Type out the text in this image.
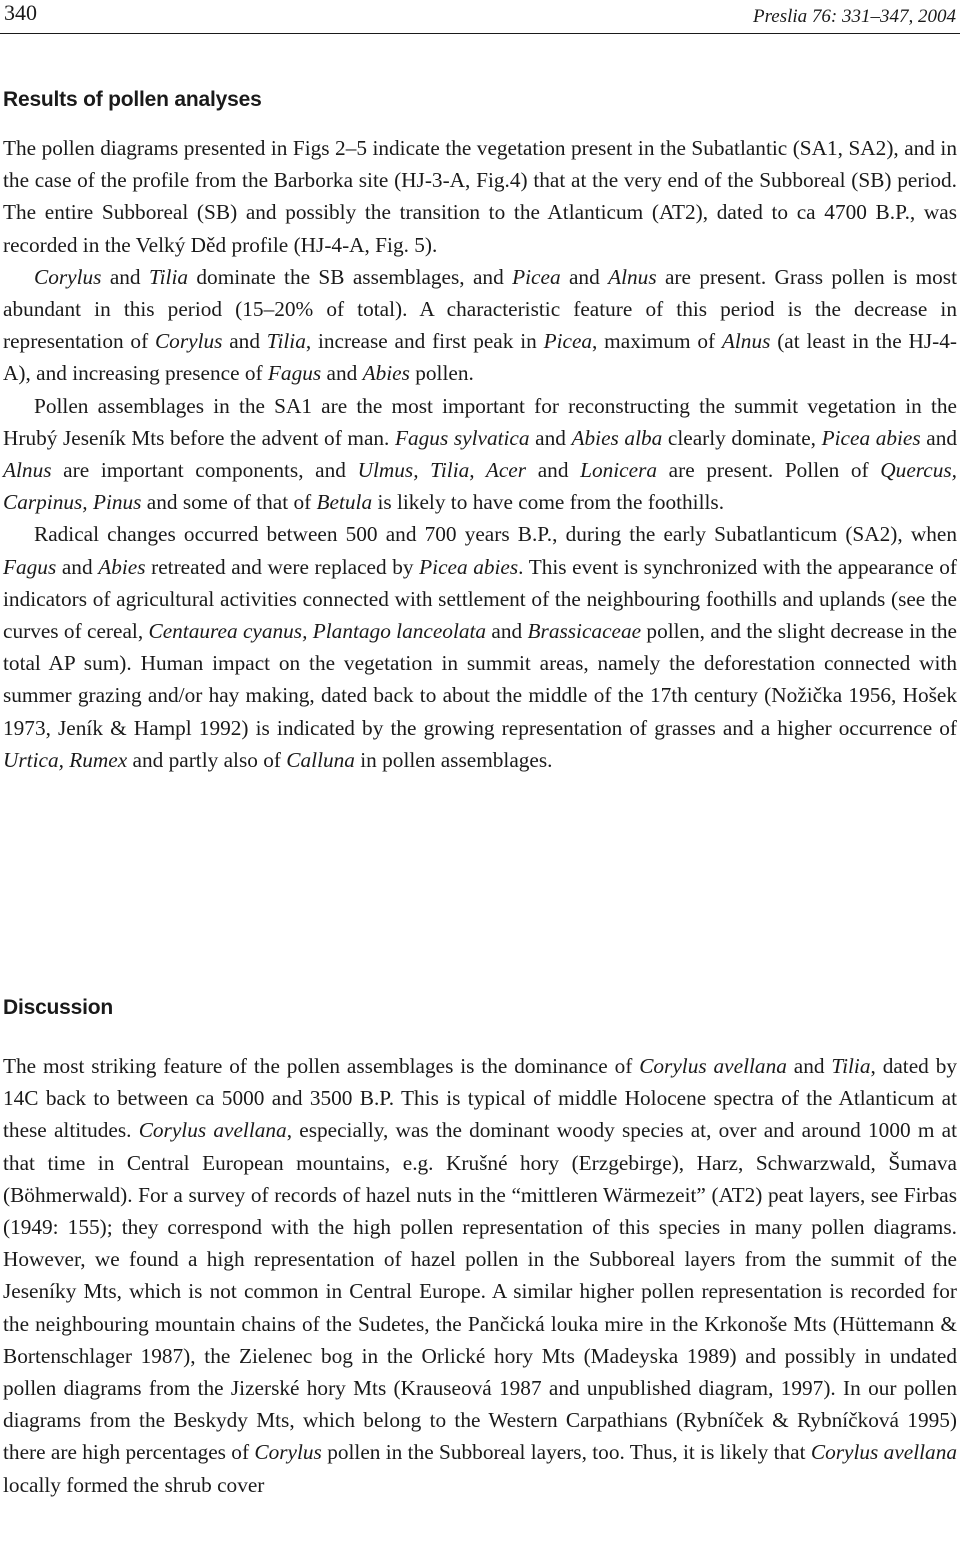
340	Preslia 76: 331–347, 2004
Results of pollen analyses

The pollen diagrams presented in Figs 2–5 indicate the vegetation present in the Subatlantic (SA1, SA2), and in the case of the profile from the Barborka site (HJ-3-A, Fig.4) that at the very end of the Subboreal (SB) period. The entire Subboreal (SB) and possibly the transition to the Atlanticum (AT2), dated to ca 4700 B.P., was recorded in the Velký Děd profile (HJ-4-A, Fig. 5).

Corylus and Tilia dominate the SB assemblages, and Picea and Alnus are present. Grass pollen is most abundant in this period (15–20% of total). A characteristic feature of this period is the decrease in representation of Corylus and Tilia, increase and first peak in Picea, maximum of Alnus (at least in the HJ-4-A), and increasing presence of Fagus and Abies pollen.

Pollen assemblages in the SA1 are the most important for reconstructing the summit vegetation in the Hrubý Jeseník Mts before the advent of man. Fagus sylvatica and Abies alba clearly dominate, Picea abies and Alnus are important components, and Ulmus, Tilia, Acer and Lonicera are present. Pollen of Quercus, Carpinus, Pinus and some of that of Betula is likely to have come from the foothills.

Radical changes occurred between 500 and 700 years B.P., during the early Subatlanticum (SA2), when Fagus and Abies retreated and were replaced by Picea abies. This event is synchronized with the appearance of indicators of agricultural activities connected with settlement of the neighbouring foothills and uplands (see the curves of cereal, Centaurea cyanus, Plantago lanceolata and Brassicaceae pollen, and the slight decrease in the total AP sum). Human impact on the vegetation in summit areas, namely the deforestation connected with summer grazing and/or hay making, dated back to about the middle of the 17th century (Nožička 1956, Hošek 1973, Jeník & Hampl 1992) is indicated by the growing representation of grasses and a higher occurrence of Urtica, Rumex and partly also of Calluna in pollen assemblages.

Discussion

The most striking feature of the pollen assemblages is the dominance of Corylus avellana and Tilia, dated by 14C back to between ca 5000 and 3500 B.P. This is typical of middle Holocene spectra of the Atlanticum at these altitudes. Corylus avellana, especially, was the dominant woody species at, over and around 1000 m at that time in Central European mountains, e.g. Krušné hory (Erzgebirge), Harz, Schwarzwald, Šumava (Böhmerwald). For a survey of records of hazel nuts in the “mittleren Wärmezeit” (AT2) peat layers, see Firbas (1949: 155); they correspond with the high pollen representation of this species in many pollen diagrams. However, we found a high representation of hazel pollen in the Subboreal layers from the summit of the Jeseníky Mts, which is not common in Central Europe. A similar higher pollen representation is recorded for the neighbouring mountain chains of the Sudetes, the Pančická louka mire in the Krkonoše Mts (Hüttemann & Bortenschlager 1987), the Zielenec bog in the Orlické hory Mts (Madeyska 1989) and possibly in undated pollen diagrams from the Jizerské hory Mts (Krauseová 1987 and unpublished diagram, 1997). In our pollen diagrams from the Beskydy Mts, which belong to the Western Carpathians (Rybníček & Rybníčková 1995) there are high percentages of Corylus pollen in the Subboreal layers, too. Thus, it is likely that Corylus avellana locally formed the shrub cover
